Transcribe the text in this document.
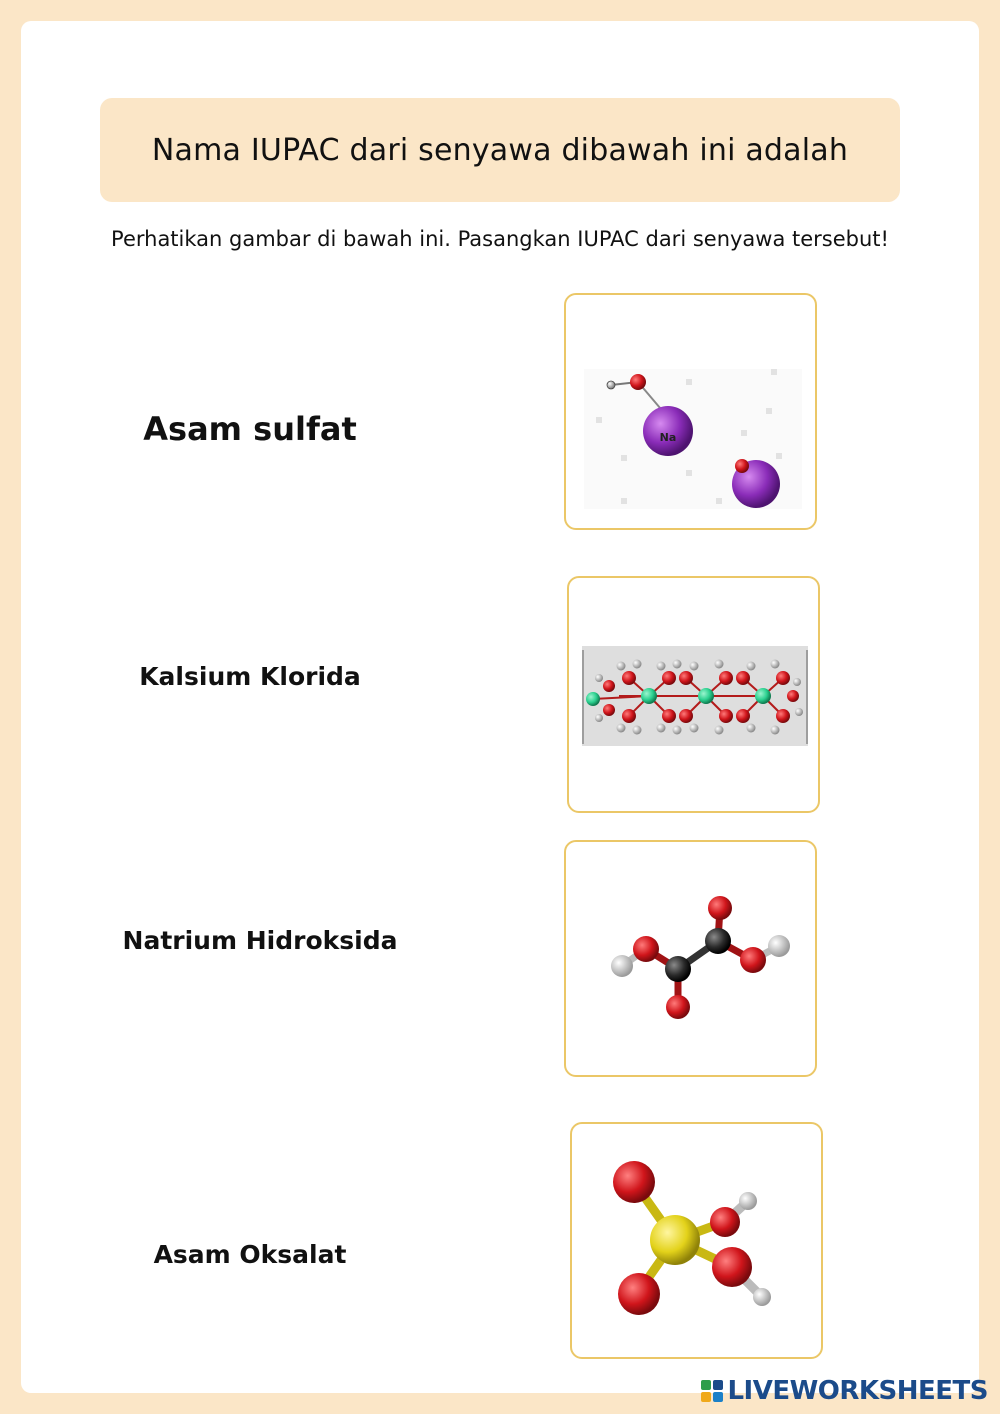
Nama IUPAC dari senyawa dibawah ini adalah
Perhatikan gambar di bawah ini. Pasangkan IUPAC dari senyawa tersebut!
Asam sulfat
Kalsium Klorida
Natrium Hidroksida
Asam Oksalat
Na
LIVEWORKSHEETS
